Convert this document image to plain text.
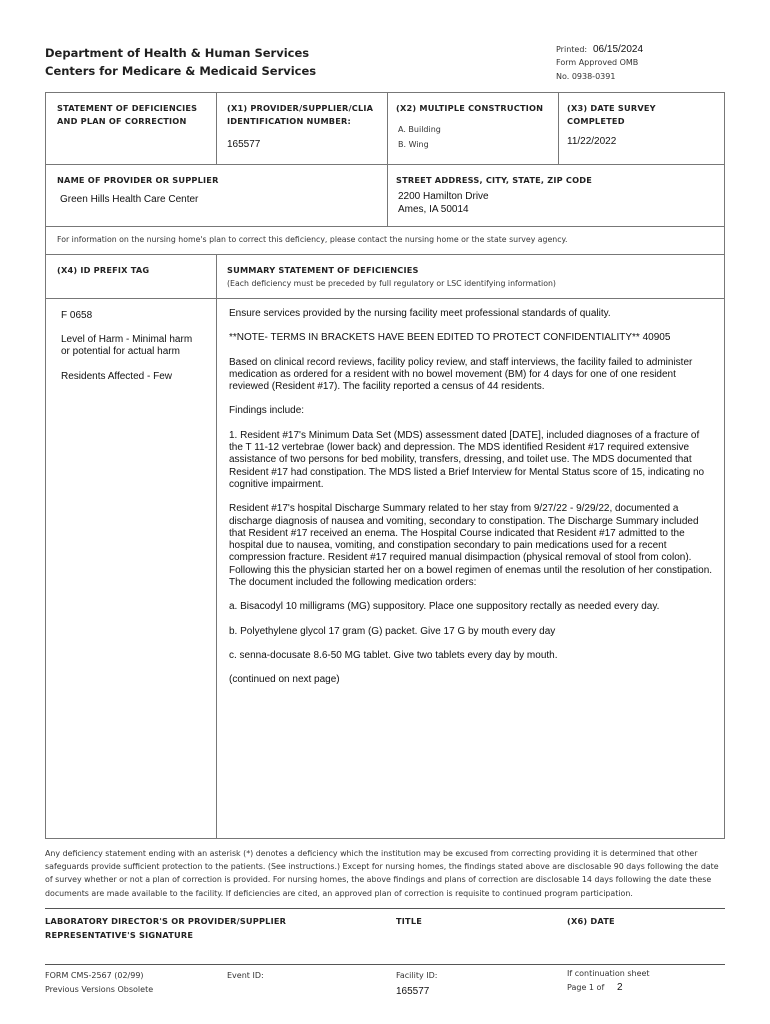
Department of Health & Human Services
Centers for Medicare & Medicaid Services
Printed: 06/15/2024
Form Approved OMB
No. 0938-0391
STATEMENT OF DEFICIENCIES
AND PLAN OF CORRECTION
(X1) PROVIDER/SUPPLIER/CLIA
IDENTIFICATION NUMBER:
165577
(X2) MULTIPLE CONSTRUCTION
A. Building
B. Wing
(X3) DATE SURVEY
COMPLETED
11/22/2022
NAME OF PROVIDER OR SUPPLIER
Green Hills Health Care Center
STREET ADDRESS, CITY, STATE, ZIP CODE
2200 Hamilton Drive
Ames, IA 50014
For information on the nursing home's plan to correct this deficiency, please contact the nursing home or the state survey agency.
(X4) ID PREFIX TAG	SUMMARY STATEMENT OF DEFICIENCIES
(Each deficiency must be preceded by full regulatory or LSC identifying information)
F 0658
Level of Harm - Minimal harm
or potential for actual harm
Residents Affected - Few

Ensure services provided by the nursing facility meet professional standards of quality.

**NOTE- TERMS IN BRACKETS HAVE BEEN EDITED TO PROTECT CONFIDENTIALITY** 40905

Based on clinical record reviews, facility policy review, and staff interviews, the facility failed to administer medication as ordered for a resident with no bowel movement (BM) for 4 days for one of one resident reviewed (Resident #17). The facility reported a census of 44 residents.

Findings include:

1. Resident #17's Minimum Data Set (MDS) assessment dated [DATE], included diagnoses of a fracture of the T 11-12 vertebrae (lower back) and depression. The MDS identified Resident #17 required extensive assistance of two persons for bed mobility, transfers, dressing, and toilet use. The MDS documented that Resident #17 had constipation. The MDS listed a Brief Interview for Mental Status score of 15, indicating no cognitive impairment.

Resident #17's hospital Discharge Summary related to her stay from 9/27/22 - 9/29/22, documented a discharge diagnosis of nausea and vomiting, secondary to constipation. The Discharge Summary included that Resident #17 received an enema. The Hospital Course indicated that Resident #17 admitted to the hospital due to nausea, vomiting, and constipation secondary to pain medications used for a recent compression fracture. Resident #17 required manual disimpaction (physical removal of stool from colon). Following this the physician started her on a bowel regimen of enemas until the resolution of her constipation. The document included the following medication orders:

a. Bisacodyl 10 milligrams (MG) suppository. Place one suppository rectally as needed every day.

b. Polyethylene glycol 17 gram (G) packet. Give 17 G by mouth every day

c. senna-docusate 8.6-50 MG tablet. Give two tablets every day by mouth.

(continued on next page)

Any deficiency statement ending with an asterisk (*) denotes a deficiency which the institution may be excused from correcting providing it is determined that other safeguards provide sufficient protection to the patients. (See instructions.) Except for nursing homes, the findings stated above are disclosable 90 days following the date of survey whether or not a plan of correction is provided. For nursing homes, the above findings and plans of correction are disclosable 14 days following the date these documents are made available to the facility. If deficiencies are cited, an approved plan of correction is requisite to continued program participation.
LABORATORY DIRECTOR'S OR PROVIDER/SUPPLIER
REPRESENTATIVE'S SIGNATURE
TITLE	(X6) DATE
FORM CMS-2567 (02/99)
Previous Versions Obsolete
Event ID:	Facility ID:
165577
If continuation sheet
Page 1 of 2
